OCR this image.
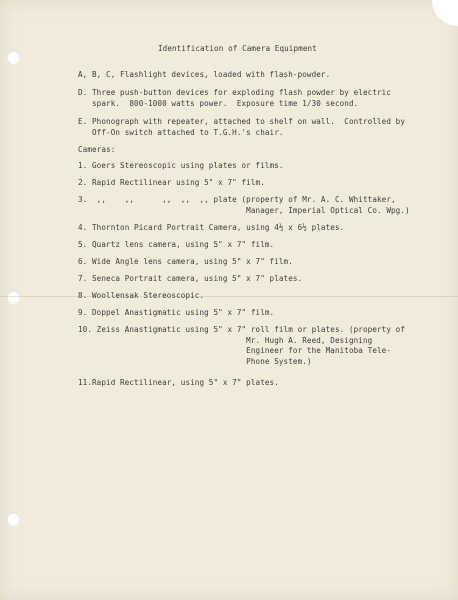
Identification of Camera Equipment
A, B, C, Flashlight devices, loaded with flash-powder.
D. Three push-button devices for exploding flash powder by electric
spark.  800-1000 watts power.  Exposure time 1/30 second.
E. Phonograph with repeater, attached to shelf on wall.  Controlled by
Off-On switch attached to T.G.H.'s chair.
Cameras:
1. Goers Stereoscopic using plates or films.
2. Rapid Rectilinear using 5" x 7" film.
3.  ,,    ,,      ,,  ,,  ,, plate (property of Mr. A. C. Whittaker,
Manager, Imperial Optical Co. Wpg.)
4. Thornton Picard Portrait Camera, using 4½ x 6½ plates.
5. Quartz lens camera, using 5" x 7" film.
6. Wide Angle lens camera, using 5" x 7" film.
7. Seneca Portrait camera, using 5" x 7" plates.
8. Woollensak Stereoscopic.
9. Doppel Anastigmatic using 5" x 7" film.
10. Zeiss Anastigmatic using 5" x 7" roll film or plates. (property of
Mr. Hugh A. Reed, Designing
Engineer for the Manitoba Tele-
Phone System.)
11.Rapid Rectilinear, using 5" x 7" plates.
